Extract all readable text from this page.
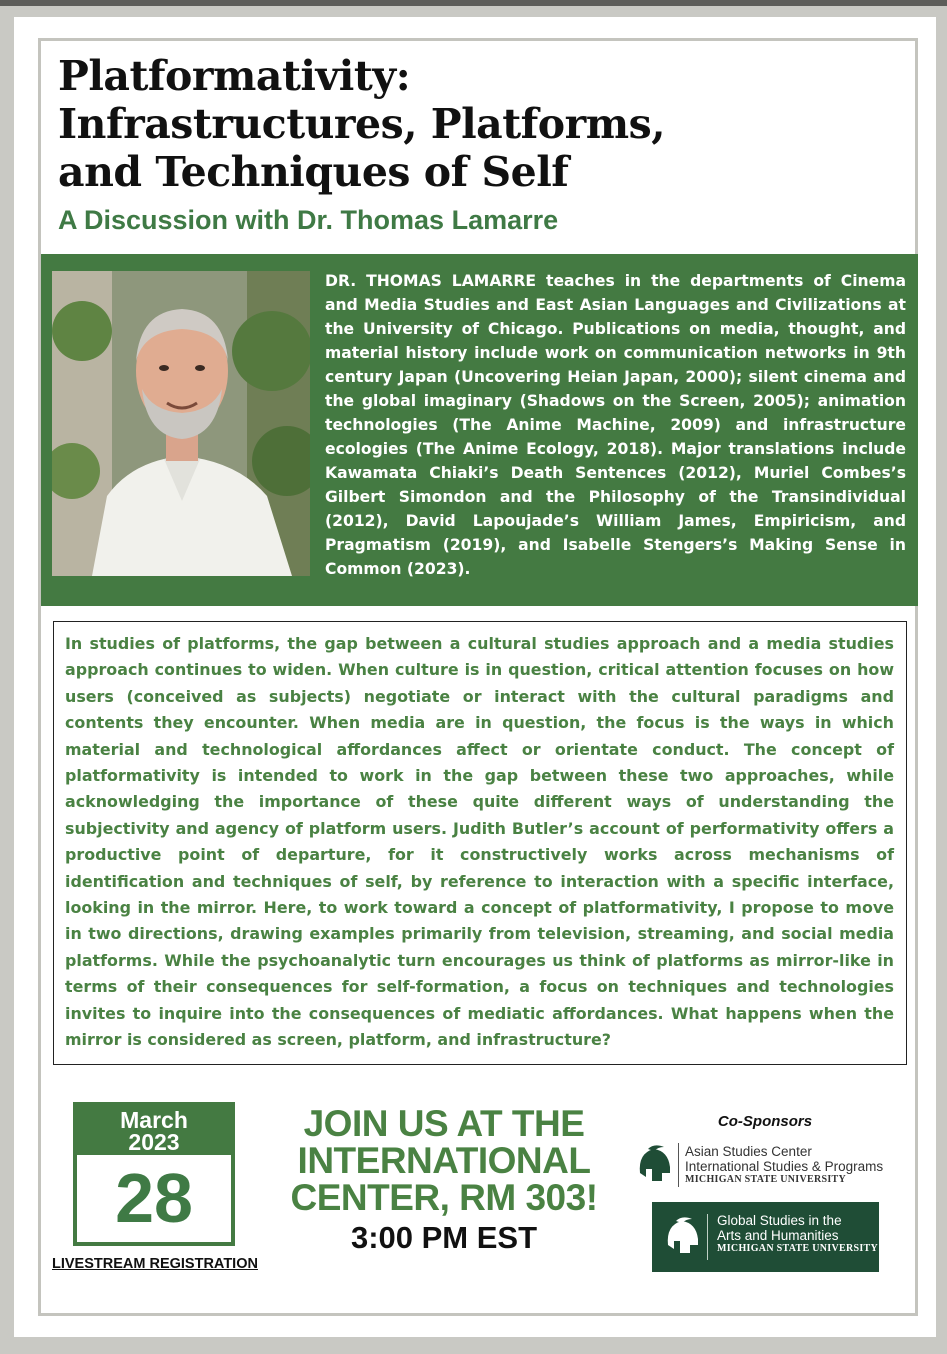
Platformativity:
Infrastructures, Platforms,
and Techniques of Self
A Discussion with Dr. Thomas Lamarre

DR. THOMAS LAMARRE teaches in the departments of Cinema and Media Studies and East Asian Languages and Civilizations at the University of Chicago. Publications on media, thought, and material history include work on communication networks in 9th century Japan (Uncovering Heian Japan, 2000); silent cinema and the global imaginary (Shadows on the Screen, 2005); animation technologies (The Anime Machine, 2009) and infrastructure ecologies (The Anime Ecology, 2018). Major translations include Kawamata Chiaki’s Death Sentences (2012), Muriel Combes’s Gilbert Simondon and the Philosophy of the Transindividual (2012), David Lapoujade’s William James, Empiricism, and Pragmatism (2019), and Isabelle Stengers’s Making Sense in Common (2023).

In studies of platforms, the gap between a cultural studies approach and a media studies approach continues to widen. When culture is in question, critical attention focuses on how users (conceived as subjects) negotiate or interact with the cultural paradigms and contents they encounter. When media are in question, the focus is the ways in which material and technological affordances affect or orientate conduct. The concept of platformativity is intended to work in the gap between these two approaches, while acknowledging the importance of these quite different ways of understanding the subjectivity and agency of platform users. Judith Butler’s account of performativity offers a productive point of departure, for it constructively works across mechanisms of identification and techniques of self, by reference to interaction with a specific interface, looking in the mirror. Here, to work toward a concept of platformativity, I propose to move in two directions, drawing examples primarily from television, streaming, and social media platforms. While the psychoanalytic turn encourages us think of platforms as mirror-like in terms of their consequences for self-formation, a focus on techniques and technologies invites to inquire into the consequences of mediatic affordances. What happens when the mirror is considered as screen, platform, and infrastructure?

March
2023
28
LIVESTREAM REGISTRATION
JOIN US AT THE
INTERNATIONAL
CENTER, RM 303!
3:00 PM EST
Co-Sponsors
Asian Studies Center
International Studies & Programs
MICHIGAN STATE UNIVERSITY
Global Studies in the
Arts and Humanities
MICHIGAN STATE UNIVERSITY
